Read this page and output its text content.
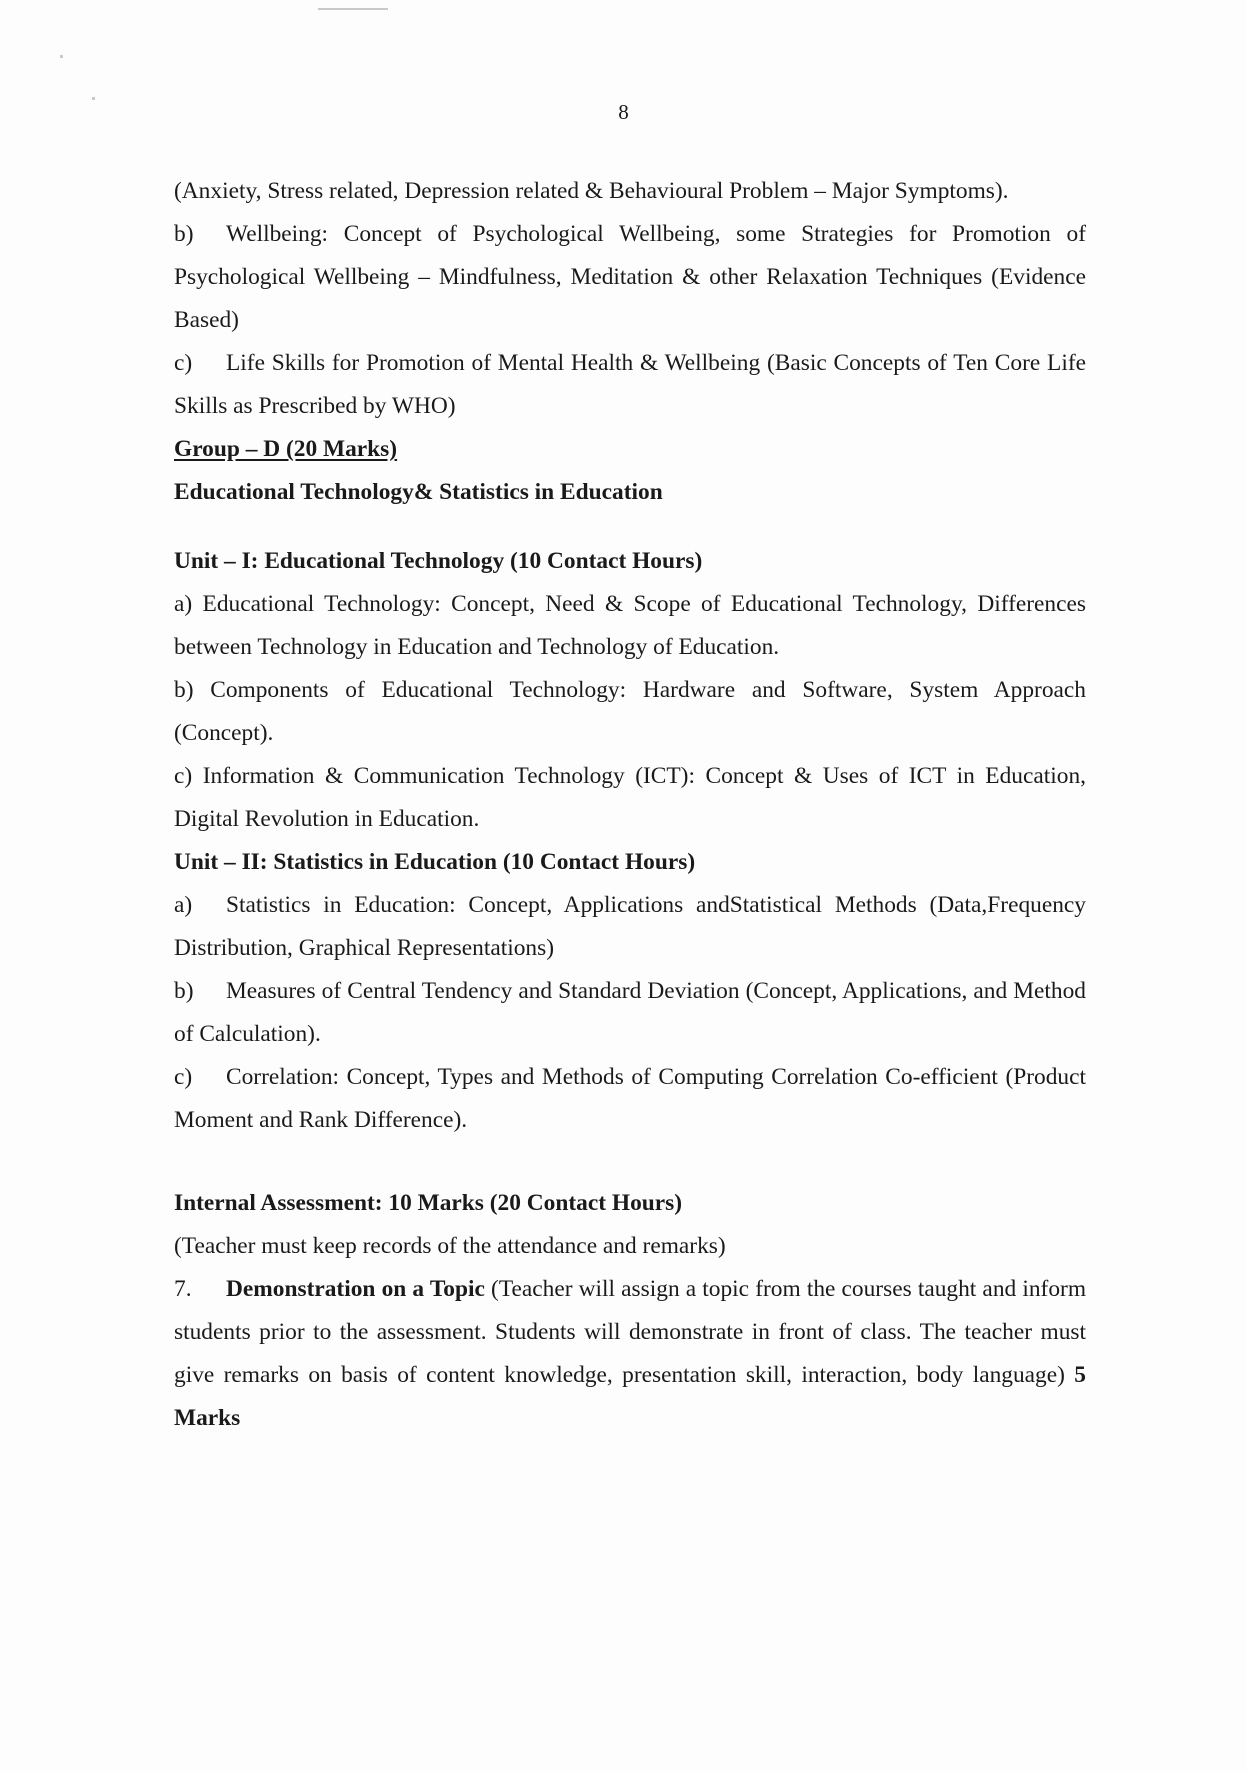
8

(Anxiety, Stress related, Depression related & Behavioural Problem – Major Symptoms).

b) Wellbeing: Concept of Psychological Wellbeing, some Strategies for Promotion of Psychological Wellbeing – Mindfulness, Meditation & other Relaxation Techniques (Evidence Based)

c) Life Skills for Promotion of Mental Health & Wellbeing (Basic Concepts of Ten Core Life Skills as Prescribed by WHO)

Group – D (20 Marks)

Educational Technology& Statistics in Education

Unit – I: Educational Technology (10 Contact Hours)

a) Educational Technology: Concept, Need & Scope of Educational Technology, Differences between Technology in Education and Technology of Education.

b) Components of Educational Technology: Hardware and Software, System Approach (Concept).

c) Information & Communication Technology (ICT): Concept & Uses of ICT in Education, Digital Revolution in Education.

Unit – II: Statistics in Education (10 Contact Hours)

a) Statistics in Education: Concept, Applications andStatistical Methods (Data,Frequency Distribution, Graphical Representations)

b) Measures of Central Tendency and Standard Deviation (Concept, Applications, and Method of Calculation).

c) Correlation: Concept, Types and Methods of Computing Correlation Co-efficient (Product Moment and Rank Difference).

Internal Assessment: 10 Marks (20 Contact Hours)

(Teacher must keep records of the attendance and remarks)

7. Demonstration on a Topic (Teacher will assign a topic from the courses taught and inform students prior to the assessment. Students will demonstrate in front of class. The teacher must give remarks on basis of content knowledge, presentation skill, interaction, body language) 5 Marks
